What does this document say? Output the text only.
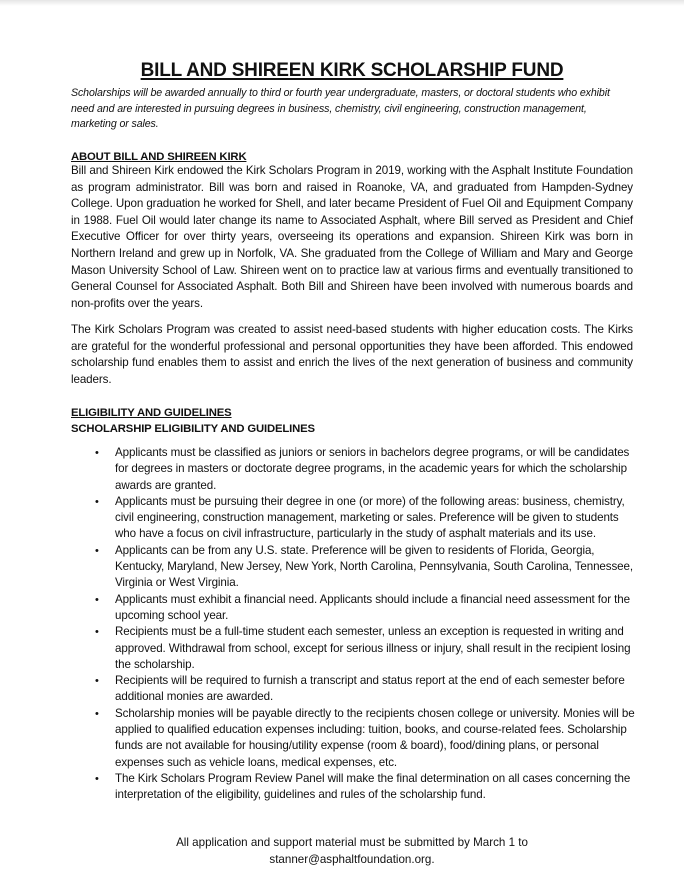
BILL AND SHIREEN KIRK SCHOLARSHIP FUND

Scholarships will be awarded annually to third or fourth year undergraduate, masters, or doctoral students who exhibit need and are interested in pursuing degrees in business, chemistry, civil engineering, construction management, marketing or sales.

ABOUT BILL AND SHIREEN KIRK

Bill and Shireen Kirk endowed the Kirk Scholars Program in 2019, working with the Asphalt Institute Foundation as program administrator. Bill was born and raised in Roanoke, VA, and graduated from Hampden-Sydney College. Upon graduation he worked for Shell, and later became President of Fuel Oil and Equipment Company in 1988. Fuel Oil would later change its name to Associated Asphalt, where Bill served as President and Chief Executive Officer for over thirty years, overseeing its operations and expansion. Shireen Kirk was born in Northern Ireland and grew up in Norfolk, VA. She graduated from the College of William and Mary and George Mason University School of Law. Shireen went on to practice law at various firms and eventually transitioned to General Counsel for Associated Asphalt. Both Bill and Shireen have been involved with numerous boards and non-profits over the years.

The Kirk Scholars Program was created to assist need-based students with higher education costs. The Kirks are grateful for the wonderful professional and personal opportunities they have been afforded. This endowed scholarship fund enables them to assist and enrich the lives of the next generation of business and community leaders.

ELIGIBILITY AND GUIDELINES
SCHOLARSHIP ELIGIBILITY AND GUIDELINES
• Applicants must be classified as juniors or seniors in bachelors degree programs, or will be candidates for degrees in masters or doctorate degree programs, in the academic years for which the scholarship awards are granted.
• Applicants must be pursuing their degree in one (or more) of the following areas: business, chemistry, civil engineering, construction management, marketing or sales. Preference will be given to students who have a focus on civil infrastructure, particularly in the study of asphalt materials and its use.
• Applicants can be from any U.S. state. Preference will be given to residents of Florida, Georgia, Kentucky, Maryland, New Jersey, New York, North Carolina, Pennsylvania, South Carolina, Tennessee, Virginia or West Virginia.
• Applicants must exhibit a financial need. Applicants should include a financial need assessment for the upcoming school year.
• Recipients must be a full-time student each semester, unless an exception is requested in writing and approved. Withdrawal from school, except for serious illness or injury, shall result in the recipient losing the scholarship.
• Recipients will be required to furnish a transcript and status report at the end of each semester before additional monies are awarded.
• Scholarship monies will be payable directly to the recipients chosen college or university. Monies will be applied to qualified education expenses including: tuition, books, and course-related fees. Scholarship funds are not available for housing/utility expense (room & board), food/dining plans, or personal expenses such as vehicle loans, medical expenses, etc.
• The Kirk Scholars Program Review Panel will make the final determination on all cases concerning the interpretation of the eligibility, guidelines and rules of the scholarship fund.

All application and support material must be submitted by March 1 to
stanner@asphaltfoundation.org.
